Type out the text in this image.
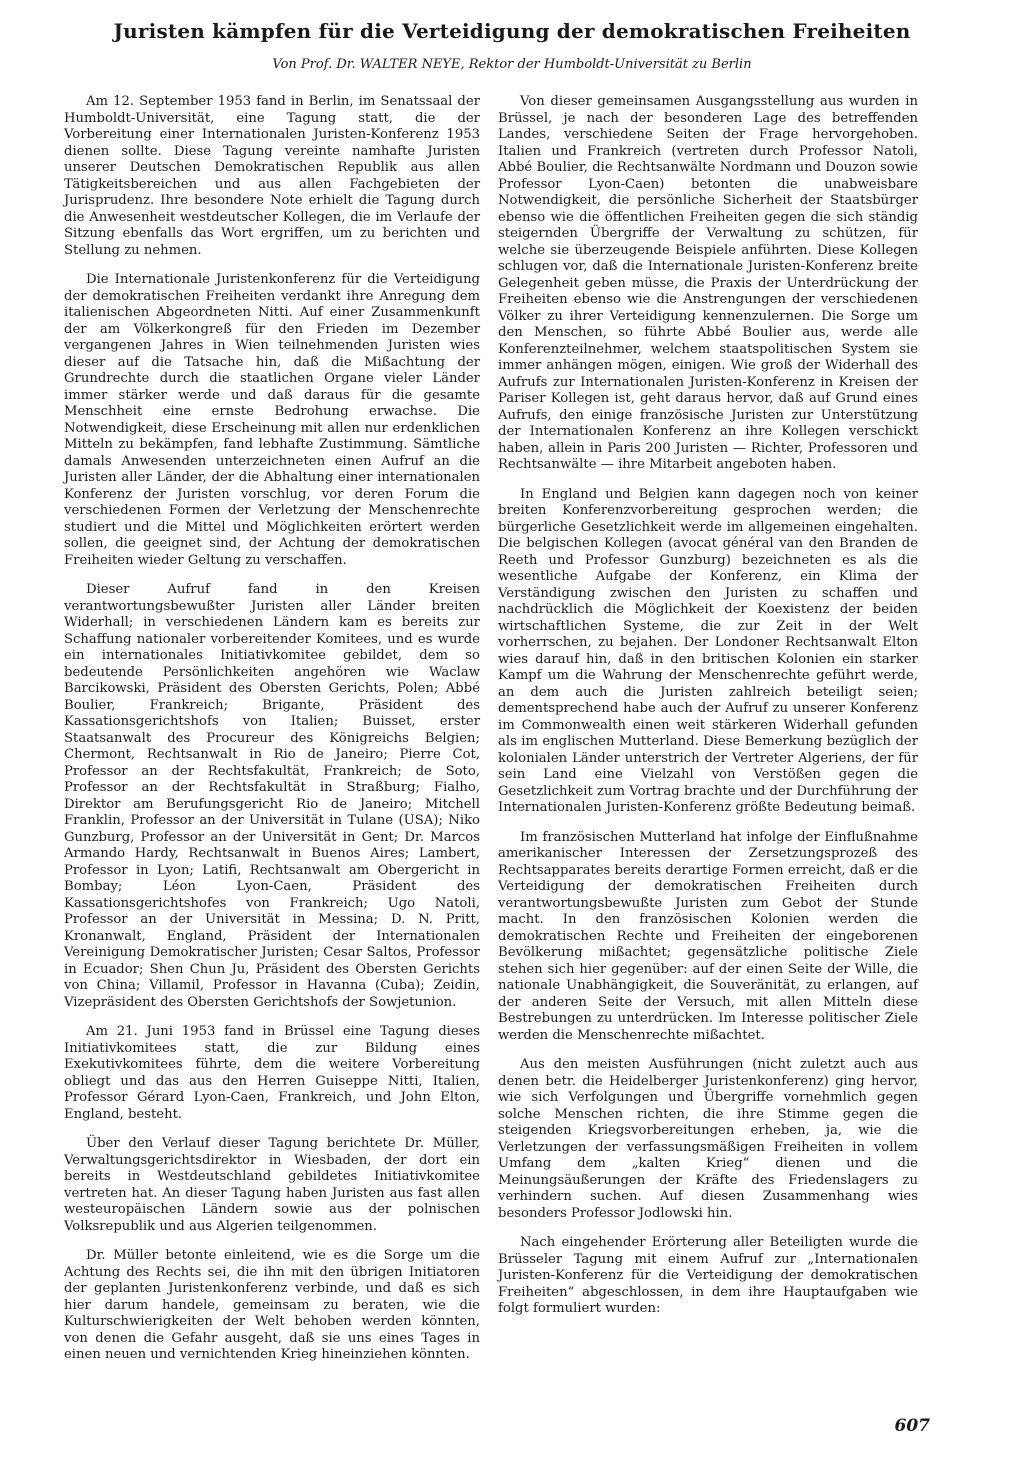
Juristen kämpfen für die Verteidigung der demokratischen Freiheiten
Von Prof. Dr. WALTER NEYE, Rektor der Humboldt-Universität zu Berlin

Am 12. September 1953 fand in Berlin, im Senatssaal der Humboldt-Universität, eine Tagung statt, die der Vorbereitung einer Internationalen Juristen-Konferenz 1953 dienen sollte. Diese Tagung vereinte namhafte Juristen unserer Deutschen Demokratischen Republik aus allen Tätigkeitsbereichen und aus allen Fachgebieten der Jurisprudenz. Ihre besondere Note erhielt die Tagung durch die Anwesenheit westdeutscher Kollegen, die im Verlaufe der Sitzung ebenfalls das Wort ergriffen, um zu berichten und Stellung zu nehmen.

Die Internationale Juristenkonferenz für die Verteidigung der demokratischen Freiheiten verdankt ihre Anregung dem italienischen Abgeordneten Nitti. Auf einer Zusammenkunft der am Völkerkongreß für den Frieden im Dezember vergangenen Jahres in Wien teilnehmenden Juristen wies dieser auf die Tatsache hin, daß die Mißachtung der Grundrechte durch die staatlichen Organe vieler Länder immer stärker werde und daß daraus für die gesamte Menschheit eine ernste Bedrohung erwachse. Die Notwendigkeit, diese Erscheinung mit allen nur erdenklichen Mitteln zu bekämpfen, fand lebhafte Zustimmung. Sämtliche damals Anwesenden unterzeichneten einen Aufruf an die Juristen aller Länder, der die Abhaltung einer internationalen Konferenz der Juristen vorschlug, vor deren Forum die verschiedenen Formen der Verletzung der Menschenrechte studiert und die Mittel und Möglichkeiten erörtert werden sollen, die geeignet sind, der Achtung der demokratischen Freiheiten wieder Geltung zu verschaffen.

Dieser Aufruf fand in den Kreisen verantwortungsbewußter Juristen aller Länder breiten Widerhall; in verschiedenen Ländern kam es bereits zur Schaffung nationaler vorbereitender Komitees, und es wurde ein internationales Initiativkomitee gebildet, dem so bedeutende Persönlichkeiten angehören wie Waclaw Barcikowski, Präsident des Obersten Gerichts, Polen; Abbé Boulier, Frankreich; Brigante, Präsident des Kassationsgerichtshofs von Italien; Buisset, erster Staatsanwalt des Procureur des Königreichs Belgien; Chermont, Rechtsanwalt in Rio de Janeiro; Pierre Cot, Professor an der Rechtsfakultät, Frankreich; de Soto, Professor an der Rechtsfakultät in Straßburg; Fialho, Direktor am Berufungsgericht Rio de Janeiro; Mitchell Franklin, Professor an der Universität in Tulane (USA); Niko Gunzburg, Professor an der Universität in Gent; Dr. Marcos Armando Hardy, Rechtsanwalt in Buenos Aires; Lambert, Professor in Lyon; Latifi, Rechtsanwalt am Obergericht in Bombay; Léon Lyon-Caen, Präsident des Kassationsgerichtshofes von Frankreich; Ugo Natoli, Professor an der Universität in Messina; D. N. Pritt, Kronanwalt, England, Präsident der Internationalen Vereinigung Demokratischer Juristen; Cesar Saltos, Professor in Ecuador; Shen Chun Ju, Präsident des Obersten Gerichts von China; Villamil, Professor in Havanna (Cuba); Zeidin, Vizepräsident des Obersten Gerichtshofs der Sowjetunion.

Am 21. Juni 1953 fand in Brüssel eine Tagung dieses Initiativkomitees statt, die zur Bildung eines Exekutivkomitees führte, dem die weitere Vorbereitung obliegt und das aus den Herren Guiseppe Nitti, Italien, Professor Gérard Lyon-Caen, Frankreich, und John Elton, England, besteht.

Über den Verlauf dieser Tagung berichtete Dr. Müller, Verwaltungsgerichtsdirektor in Wiesbaden, der dort ein bereits in Westdeutschland gebildetes Initiativkomitee vertreten hat. An dieser Tagung haben Juristen aus fast allen westeuropäischen Ländern sowie aus der polnischen Volksrepublik und aus Algerien teilgenommen.

Dr. Müller betonte einleitend, wie es die Sorge um die Achtung des Rechts sei, die ihn mit den übrigen Initiatoren der geplanten Juristenkonferenz verbinde, und daß es sich hier darum handele, gemeinsam zu beraten, wie die Kulturschwierigkeiten der Welt behoben werden könnten, von denen die Gefahr ausgeht, daß sie uns eines Tages in einen neuen und vernichtenden Krieg hineinziehen könnten.

Von dieser gemeinsamen Ausgangsstellung aus wurden in Brüssel, je nach der besonderen Lage des betreffenden Landes, verschiedene Seiten der Frage hervorgehoben. Italien und Frankreich (vertreten durch Professor Natoli, Abbé Boulier, die Rechtsanwälte Nordmann und Douzon sowie Professor Lyon-Caen) betonten die unabweisbare Notwendigkeit, die persönliche Sicherheit der Staatsbürger ebenso wie die öffentlichen Freiheiten gegen die sich ständig steigernden Übergriffe der Verwaltung zu schützen, für welche sie überzeugende Beispiele anführten. Diese Kollegen schlugen vor, daß die Internationale Juristen-Konferenz breite Gelegenheit geben müsse, die Praxis der Unterdrückung der Freiheiten ebenso wie die Anstrengungen der verschiedenen Völker zu ihrer Verteidigung kennenzulernen. Die Sorge um den Menschen, so führte Abbé Boulier aus, werde alle Konferenzteilnehmer, welchem staatspolitischen System sie immer anhängen mögen, einigen. Wie groß der Widerhall des Aufrufs zur Internationalen Juristen-Konferenz in Kreisen der Pariser Kollegen ist, geht daraus hervor, daß auf Grund eines Aufrufs, den einige französische Juristen zur Unterstützung der Internationalen Konferenz an ihre Kollegen verschickt haben, allein in Paris 200 Juristen — Richter, Professoren und Rechtsanwälte — ihre Mitarbeit angeboten haben.

In England und Belgien kann dagegen noch von keiner breiten Konferenzvorbereitung gesprochen werden; die bürgerliche Gesetzlichkeit werde im allgemeinen eingehalten. Die belgischen Kollegen (avocat général van den Branden de Reeth und Professor Gunzburg) bezeichneten es als die wesentliche Aufgabe der Konferenz, ein Klima der Verständigung zwischen den Juristen zu schaffen und nachdrücklich die Möglichkeit der Koexistenz der beiden wirtschaftlichen Systeme, die zur Zeit in der Welt vorherrschen, zu bejahen. Der Londoner Rechtsanwalt Elton wies darauf hin, daß in den britischen Kolonien ein starker Kampf um die Wahrung der Menschenrechte geführt werde, an dem auch die Juristen zahlreich beteiligt seien; dementsprechend habe auch der Aufruf zu unserer Konferenz im Commonwealth einen weit stärkeren Widerhall gefunden als im englischen Mutterland. Diese Bemerkung bezüglich der kolonialen Länder unterstrich der Vertreter Algeriens, der für sein Land eine Vielzahl von Verstößen gegen die Gesetzlichkeit zum Vortrag brachte und der Durchführung der Internationalen Juristen-Konferenz größte Bedeutung beimaß.

Im französischen Mutterland hat infolge der Einflußnahme amerikanischer Interessen der Zersetzungsprozeß des Rechtsapparates bereits derartige Formen erreicht, daß er die Verteidigung der demokratischen Freiheiten durch verantwortungsbewußte Juristen zum Gebot der Stunde macht. In den französischen Kolonien werden die demokratischen Rechte und Freiheiten der eingeborenen Bevölkerung mißachtet; gegensätzliche politische Ziele stehen sich hier gegenüber: auf der einen Seite der Wille, die nationale Unabhängigkeit, die Souveränität, zu erlangen, auf der anderen Seite der Versuch, mit allen Mitteln diese Bestrebungen zu unterdrücken. Im Interesse politischer Ziele werden die Menschenrechte mißachtet.

Aus den meisten Ausführungen (nicht zuletzt auch aus denen betr. die Heidelberger Juristenkonferenz) ging hervor, wie sich Verfolgungen und Übergriffe vornehmlich gegen solche Menschen richten, die ihre Stimme gegen die steigenden Kriegsvorbereitungen erheben, ja, wie die Verletzungen der verfassungsmäßigen Freiheiten in vollem Umfang dem „kalten Krieg“ dienen und die Meinungsäußerungen der Kräfte des Friedenslagers zu verhindern suchen. Auf diesen Zusammenhang wies besonders Professor Jodlowski hin.

Nach eingehender Erörterung aller Beteiligten wurde die Brüsseler Tagung mit einem Aufruf zur „Internationalen Juristen-Konferenz für die Verteidigung der demokratischen Freiheiten“ abgeschlossen, in dem ihre Hauptaufgaben wie folgt formuliert wurden:

607
